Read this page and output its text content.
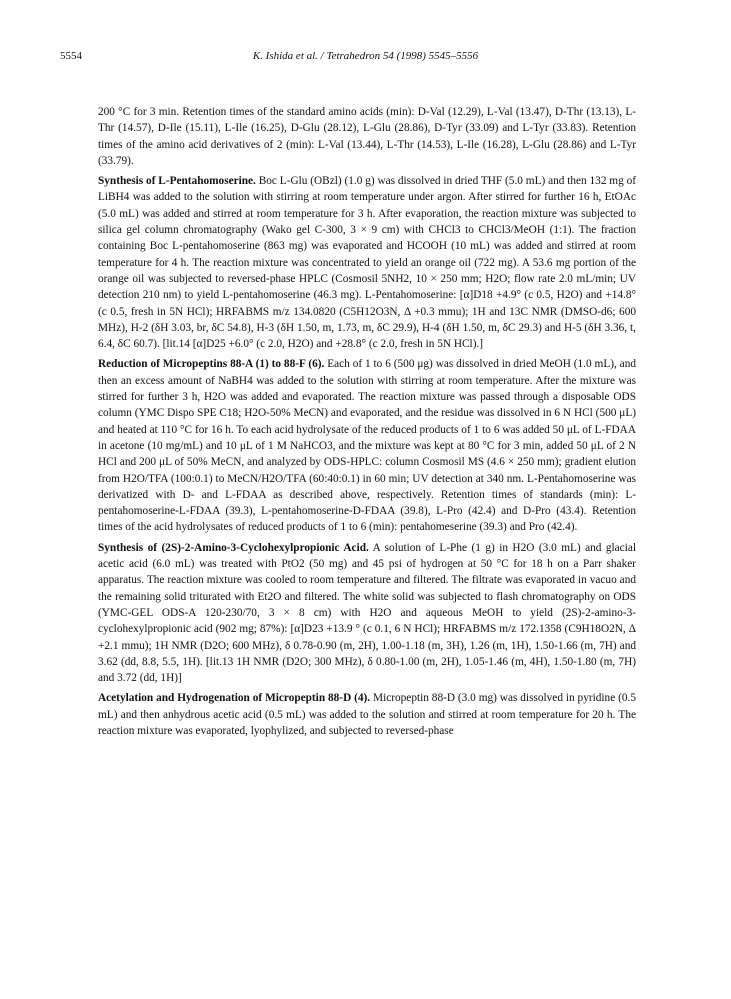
5554	K. Ishida et al. / Tetrahedron 54 (1998) 5545–5556

200 °C for 3 min. Retention times of the standard amino acids (min): D-Val (12.29), L-Val (13.47), D-Thr (13.13), L-Thr (14.57), D-Ile (15.11), L-Ile (16.25), D-Glu (28.12), L-Glu (28.86), D-Tyr (33.09) and L-Tyr (33.83). Retention times of the amino acid derivatives of 2 (min): L-Val (13.44), L-Thr (14.53), L-Ile (16.28), L-Glu (28.86) and L-Tyr (33.79).

Synthesis of L-Pentahomoserine. Boc L-Glu (OBzl) (1.0 g) was dissolved in dried THF (5.0 mL) and then 132 mg of LiBH4 was added to the solution with stirring at room temperature under argon. After stirred for further 16 h, EtOAc (5.0 mL) was added and stirred at room temperature for 3 h. After evaporation, the reaction mixture was subjected to silica gel column chromatography (Wako gel C-300, 3 × 9 cm) with CHCl3 to CHCl3/MeOH (1:1). The fraction containing Boc L-pentahomoserine (863 mg) was evaporated and HCOOH (10 mL) was added and stirred at room temperature for 4 h. The reaction mixture was concentrated to yield an orange oil (722 mg). A 53.6 mg portion of the orange oil was subjected to reversed-phase HPLC (Cosmosil 5NH2, 10 × 250 mm; H2O; flow rate 2.0 mL/min; UV detection 210 nm) to yield L-pentahomoserine (46.3 mg). L-Pentahomoserine: [α]D18 +4.9° (c 0.5, H2O) and +14.8° (c 0.5, fresh in 5N HCl); HRFABMS m/z 134.0820 (C5H12O3N, Δ +0.3 mmu); 1H and 13C NMR (DMSO-d6; 600 MHz), H-2 (δH 3.03, br, δC 54.8), H-3 (δH 1.50, m, 1.73, m, δC 29.9), H-4 (δH 1.50, m, δC 29.3) and H-5 (δH 3.36, t, 6.4, δC 60.7). [lit.14 [α]D25 +6.0° (c 2.0, H2O) and +28.8° (c 2.0, fresh in 5N HCl).]

Reduction of Micropeptins 88-A (1) to 88-F (6). Each of 1 to 6 (500 μg) was dissolved in dried MeOH (1.0 mL), and then an excess amount of NaBH4 was added to the solution with stirring at room temperature. After the mixture was stirred for further 3 h, H2O was added and evaporated. The reaction mixture was passed through a disposable ODS column (YMC Dispo SPE C18; H2O-50% MeCN) and evaporated, and the residue was dissolved in 6 N HCl (500 μL) and heated at 110 °C for 16 h. To each acid hydrolysate of the reduced products of 1 to 6 was added 50 μL of L-FDAA in acetone (10 mg/mL) and 10 μL of 1 M NaHCO3, and the mixture was kept at 80 °C for 3 min, added 50 μL of 2 N HCl and 200 μL of 50% MeCN, and analyzed by ODS-HPLC: column Cosmosil MS (4.6 × 250 mm); gradient elution from H2O/TFA (100:0.1) to MeCN/H2O/TFA (60:40:0.1) in 60 min; UV detection at 340 nm. L-Pentahomoserine was derivatized with D- and L-FDAA as described above, respectively. Retention times of standards (min): L-pentahomoserine-L-FDAA (39.3), L-pentahomoserine-D-FDAA (39.8), L-Pro (42.4) and D-Pro (43.4). Retention times of the acid hydrolysates of reduced products of 1 to 6 (min): pentahomeserine (39.3) and Pro (42.4).

Synthesis of (2S)-2-Amino-3-Cyclohexylpropionic Acid. A solution of L-Phe (1 g) in H2O (3.0 mL) and glacial acetic acid (6.0 mL) was treated with PtO2 (50 mg) and 45 psi of hydrogen at 50 °C for 18 h on a Parr shaker apparatus. The reaction mixture was cooled to room temperature and filtered. The filtrate was evaporated in vacuo and the remaining solid triturated with Et2O and filtered. The white solid was subjected to flash chromatography on ODS (YMC-GEL ODS-A 120-230/70, 3 × 8 cm) with H2O and aqueous MeOH to yield (2S)-2-amino-3-cyclohexylpropionic acid (902 mg; 87%): [α]D23 +13.9 ° (c 0.1, 6 N HCl); HRFABMS m/z 172.1358 (C9H18O2N, Δ +2.1 mmu); 1H NMR (D2O; 600 MHz), δ 0.78-0.90 (m, 2H), 1.00-1.18 (m, 3H), 1.26 (m, 1H), 1.50-1.66 (m, 7H) and 3.62 (dd, 8.8, 5.5, 1H). [lit.13 1H NMR (D2O; 300 MHz), δ 0.80-1.00 (m, 2H), 1.05-1.46 (m, 4H), 1.50-1.80 (m, 7H) and 3.72 (dd, 1H)]

Acetylation and Hydrogenation of Micropeptin 88-D (4). Micropeptin 88-D (3.0 mg) was dissolved in pyridine (0.5 mL) and then anhydrous acetic acid (0.5 mL) was added to the solution and stirred at room temperature for 20 h. The reaction mixture was evaporated, lyophylized, and subjected to reversed-phase
